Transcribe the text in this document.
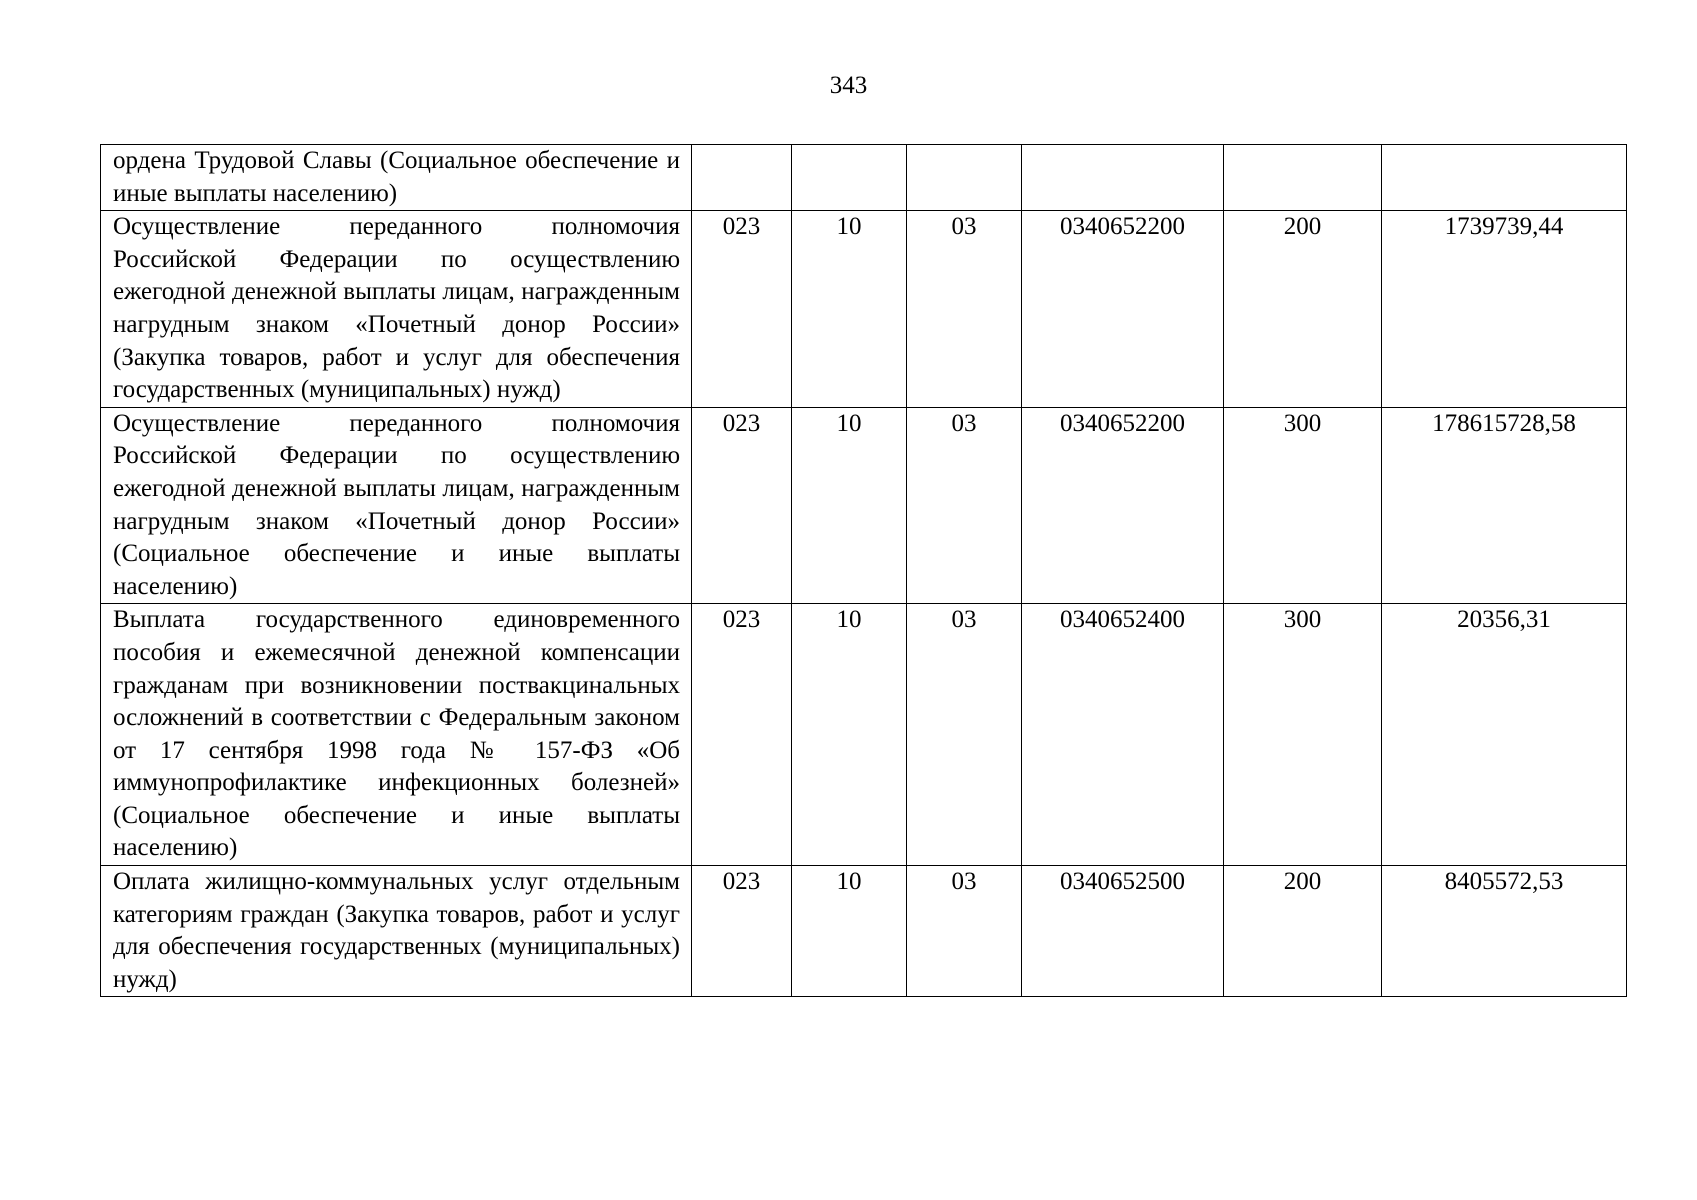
343
ордена Трудовой Славы (Социальное обеспечение и иные выплаты населению)						
Осуществление переданного полномочия Российской Федерации по осуществлению ежегодной денежной выплаты лицам, награжденным нагрудным знаком «Почетный донор России» (Закупка товаров, работ и услуг для обеспечения государственных (муниципальных) нужд)	023	10	03	0340652200	200	1739739,44
Осуществление переданного полномочия Российской Федерации по осуществлению ежегодной денежной выплаты лицам, награжденным нагрудным знаком «Почетный донор России» (Социальное обеспечение и иные выплаты населению)	023	10	03	0340652200	300	178615728,58
Выплата государственного единовременного пособия и ежемесячной денежной компенсации гражданам при возникновении поствакцинальных осложнений в соответствии с Федеральным законом от 17 сентября 1998 года № 157-ФЗ «Об иммунопрофилактике инфекционных болезней» (Социальное обеспечение и иные выплаты населению)	023	10	03	0340652400	300	20356,31
Оплата жилищно-коммунальных услуг отдельным категориям граждан (Закупка товаров, работ и услуг для обеспечения государственных (муниципальных) нужд)	023	10	03	0340652500	200	8405572,53
